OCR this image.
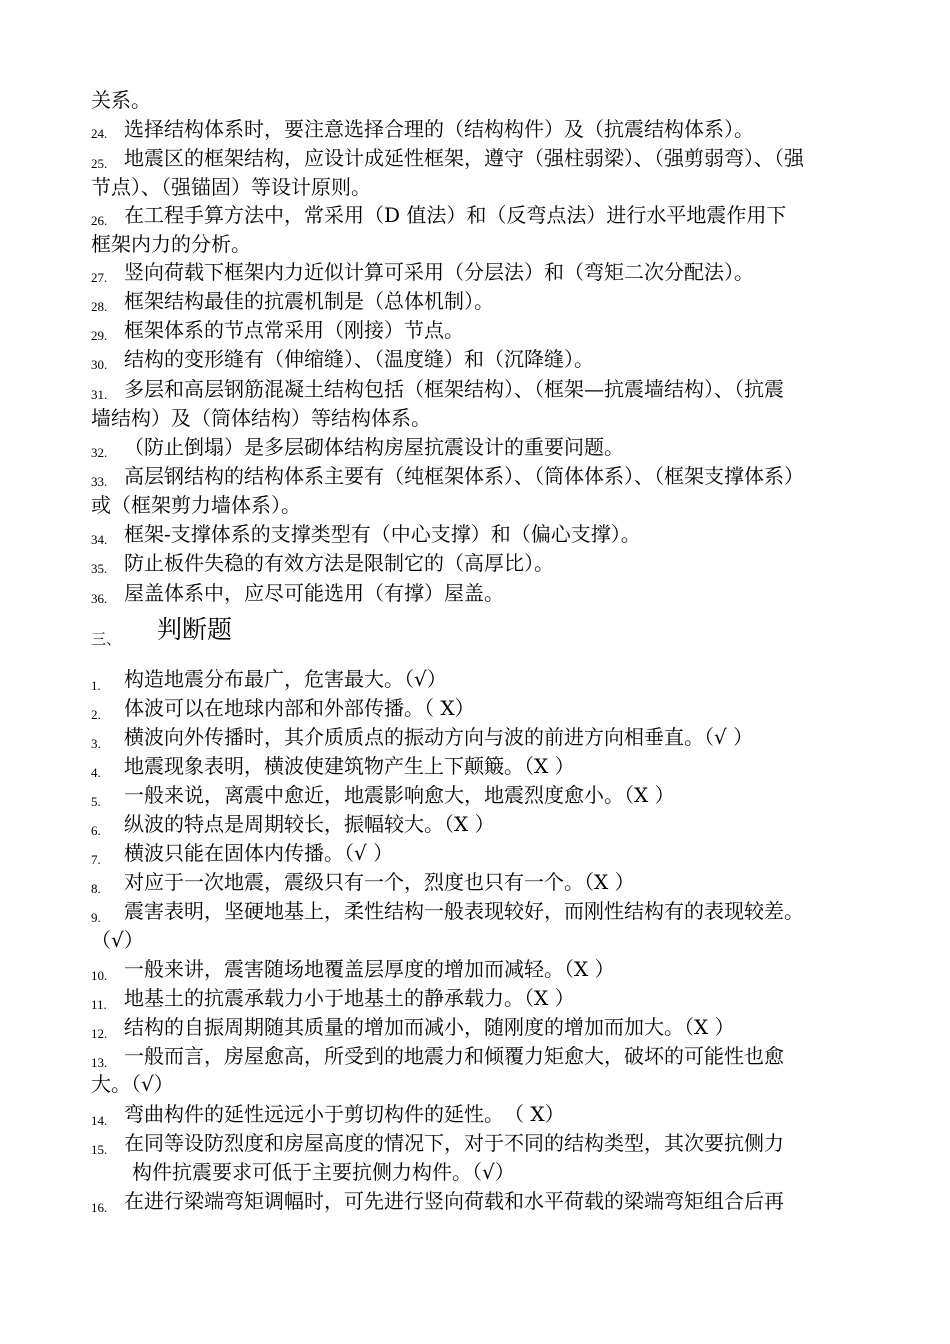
关系。
24. 选择结构体系时，要注意选择合理的（结构构件）及（抗震结构体系）。
25. 地震区的框架结构，应设计成延性框架，遵守（强柱弱梁）、（强剪弱弯）、（强
节点）、（强锚固）等设计原则。
26. 在工程手算方法中，常采用（D 值法）和（反弯点法）进行水平地震作用下
框架内力的分析。
27. 竖向荷载下框架内力近似计算可采用（分层法）和（弯矩二次分配法）。
28. 框架结构最佳的抗震机制是（总体机制）。
29. 框架体系的节点常采用（刚接）节点。
30. 结构的变形缝有（伸缩缝）、（温度缝）和（沉降缝）。
31. 多层和高层钢筋混凝土结构包括（框架结构）、（框架—抗震墙结构）、（抗震
墙结构）及（筒体结构）等结构体系。
32. （防止倒塌）是多层砌体结构房屋抗震设计的重要问题。
33. 高层钢结构的结构体系主要有（纯框架体系）、（筒体体系）、（框架支撑体系）
或（框架剪力墙体系）。
34. 框架-支撑体系的支撑类型有（中心支撑）和（偏心支撑）。
35. 防止板件失稳的有效方法是限制它的（高厚比）。
36. 屋盖体系中，应尽可能选用（有撑）屋盖。
三、 判断题
1. 构造地震分布最广，危害最大。（√）
2. 体波可以在地球内部和外部传播。（ X）
3. 横波向外传播时，其介质质点的振动方向与波的前进方向相垂直。（√ ）
4. 地震现象表明，横波使建筑物产生上下颠簸。（X ）
5. 一般来说，离震中愈近，地震影响愈大，地震烈度愈小。（X ）
6. 纵波的特点是周期较长，振幅较大。（X ）
7. 横波只能在固体内传播。（√ ）
8. 对应于一次地震，震级只有一个，烈度也只有一个。（X ）
9. 震害表明，坚硬地基上，柔性结构一般表现较好，而刚性结构有的表现较差。
（√）
10. 一般来讲，震害随场地覆盖层厚度的增加而减轻。（X ）
11. 地基土的抗震承载力小于地基土的静承载力。（X ）
12. 结构的自振周期随其质量的增加而减小，随刚度的增加而加大。（X ）
13. 一般而言，房屋愈高，所受到的地震力和倾覆力矩愈大，破坏的可能性也愈
大。（√）
14. 弯曲构件的延性远远小于剪切构件的延性。　（ X）
15. 在同等设防烈度和房屋高度的情况下，对于不同的结构类型，其次要抗侧力
构件抗震要求可低于主要抗侧力构件。（√）
16. 在进行梁端弯矩调幅时，可先进行竖向荷载和水平荷载的梁端弯矩组合后再
